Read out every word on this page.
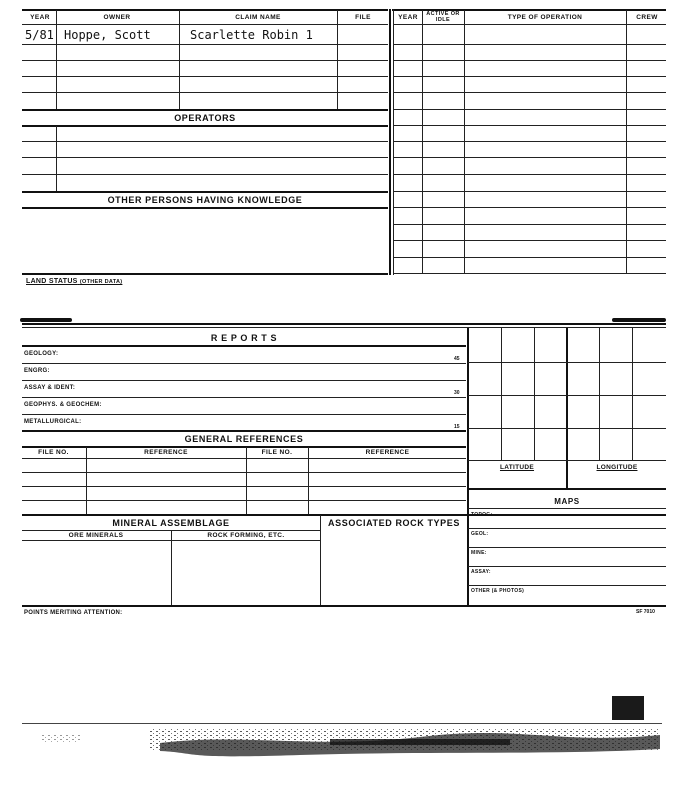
YEAR	OWNER	CLAIM NAME	FILE
5/81 Hoppe, Scott	Scarlette Robin 1
OPERATORS
OTHER PERSONS HAVING KNOWLEDGE
YEAR	ACTIVE OR IDLE	TYPE OF OPERATION	CREW
LAND STATUS (OTHER DATA)
R E P O R T S
GEOLOGY:
45
ENGRG:
ASSAY & IDENT:
30
GEOPHYS. & GEOCHEM:
METALLURGICAL:
15
GENERAL REFERENCES
FILE NO.	REFERENCE	FILE NO.	REFERENCE
MINERAL ASSEMBLAGE
ORE MINERALS	ROCK FORMING, ETC.
ASSOCIATED ROCK TYPES
LATITUDE	LONGITUDE
MAPS
TOPOG:
GEOL:
MINE:
ASSAY:
OTHER (& PHOTOS)
POINTS MERITING ATTENTION:	SF 7010
